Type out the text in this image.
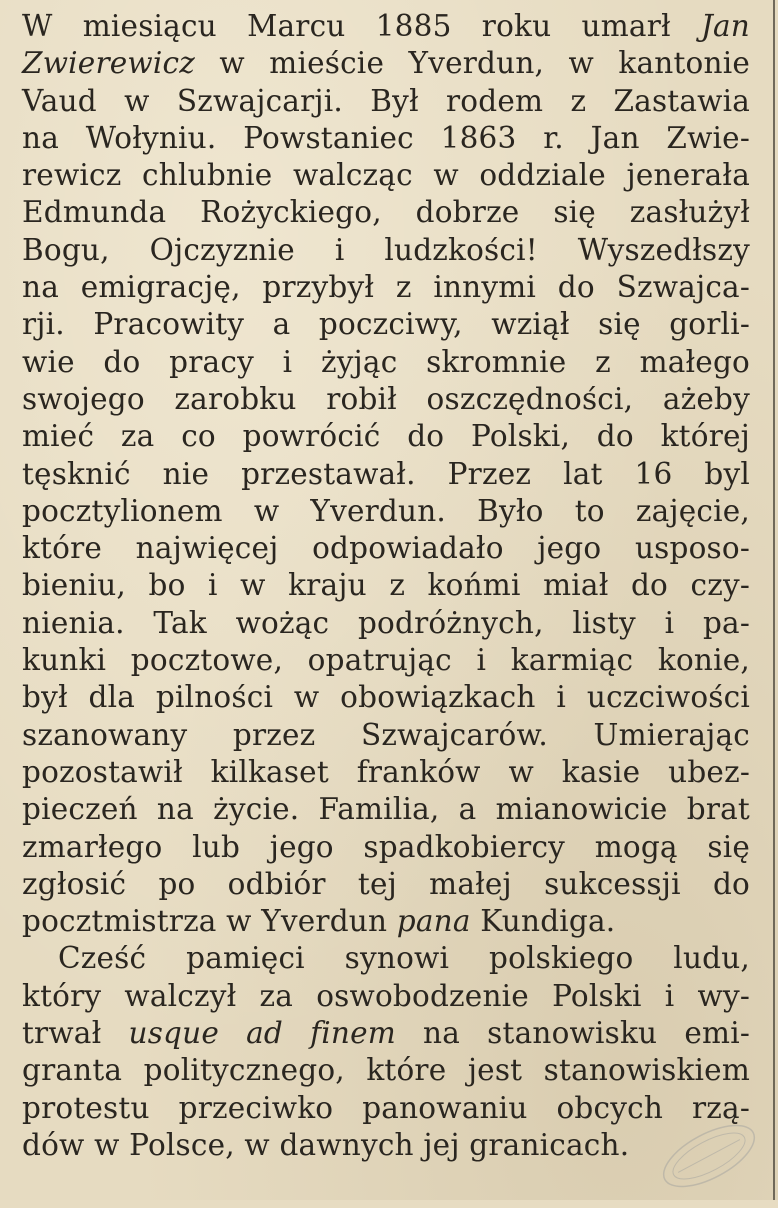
W miesiącu Marcu 1885 roku umarł Jan
Zwierewicz w mieście Yverdun, w kantonie
Vaud w Szwajcarji. Był rodem z Zastawia
na Wołyniu. Powstaniec 1863 r. Jan Zwie-
rewicz chlubnie walcząc w oddziale jenerała
Edmunda Rożyckiego, dobrze się zasłużył
Bogu, Ojczyznie i ludzkości! Wyszedłszy
na emigrację, przybył z innymi do Szwajca-
rji. Pracowity a poczciwy, wziął się gorli-
wie do pracy i żyjąc skromnie z małego
swojego zarobku robił oszczędności, ażeby
mieć za co powrócić do Polski, do której
tęsknić nie przestawał. Przez lat 16 byl
pocztylionem w Yverdun. Było to zajęcie,
które najwięcej odpowiadało jego usposo-
bieniu, bo i w kraju z końmi miał do czy-
nienia. Tak wożąc podróżnych, listy i pa-
kunki pocztowe, opatrując i karmiąc konie,
był dla pilności w obowiązkach i uczciwości
szanowany przez Szwajcarów. Umierając
pozostawił kilkaset franków w kasie ubez-
pieczeń na życie. Familia, a mianowicie brat
zmarłego lub jego spadkobiercy mogą się
zgłosić po odbiór tej małej sukcessji do
pocztmistrza w Yverdun pana Kundiga.
Cześć pamięci synowi polskiego ludu,
który walczył za oswobodzenie Polski i wy-
trwał usque ad finem na stanowisku emi-
granta politycznego, które jest stanowiskiem
protestu przeciwko panowaniu obcych rzą-
dów w Polsce, w dawnych jej granicach.
